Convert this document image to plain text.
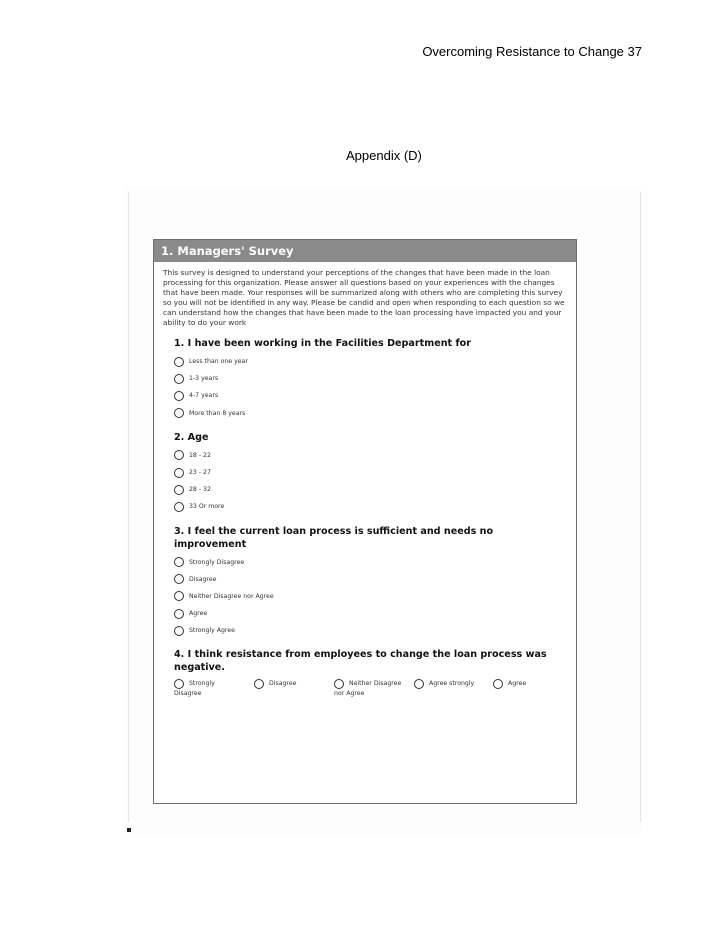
Overcoming Resistance to Change 37
Appendix (D)
1. Managers' Survey
This survey is designed to understand your perceptions of the changes that have been made in the loan processing for this organization. Please answer all questions based on your experiences with the changes that have been made. Your responses will be summarized along with others who are completing this survey so you will not be identified in any way. Please be candid and open when responding to each question so we can understand how the changes that have been made to the loan processing have impacted you and your ability to do your work
1. I have been working in the Facilities Department for
Less than one year
1-3 years
4-7 years
More than 8 years
2. Age
18 - 22
23 - 27
28 - 32
33 Or more
3. I feel the current loan process is sufficient and needs no improvement
Strongly Disagree
Disagree
Neither Disagree nor Agree
Agree
Strongly Agree
4. I think resistance from employees to change the loan process was
negative.
Strongly
Disagree
Disagree	Neither Disagree
nor Agree
Agree strongly	Agree
